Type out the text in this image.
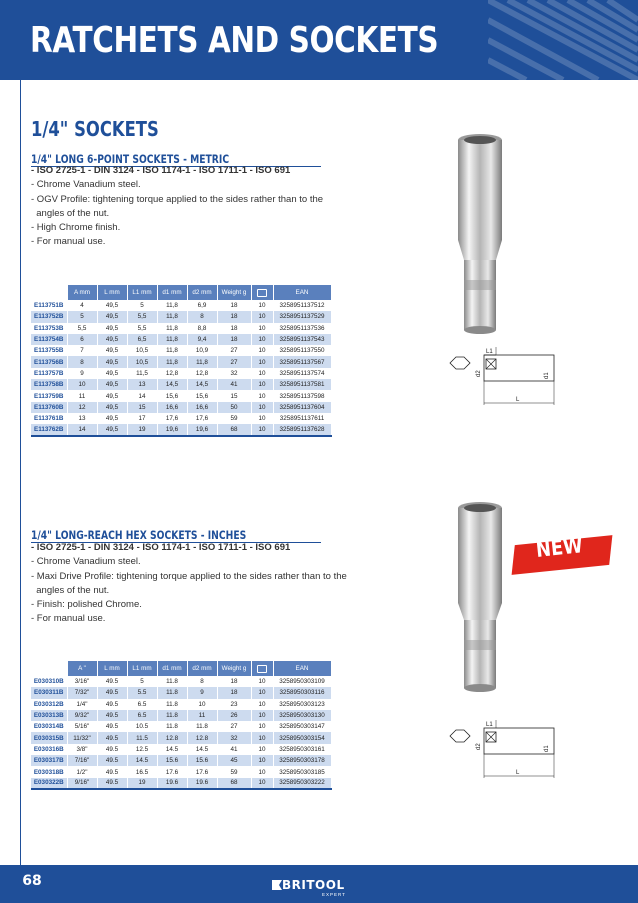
RATCHETS AND SOCKETS
1/4" SOCKETS
1/4" LONG 6-POINT SOCKETS - METRIC
- ISO 2725-1 - DIN 3124 - ISO 1174-1 - ISO 1711-1 - ISO 691
- Chrome Vanadium steel.
- OGV Profile: tightening torque applied to the sides rather than to the
angles of the nut.
- High Chrome finish.
- For manual use.
	A mm	L mm	L1 mm	d1 mm	d2 mm	Weight g		EAN
E113751B	4	49,5	5	11,8	6,9	18	10	3258951137512
E113752B	5	49,5	5,5	11,8	8	18	10	3258951137529
E113753B	5,5	49,5	5,5	11,8	8,8	18	10	3258951137536
E113754B	6	49,5	6,5	11,8	9,4	18	10	3258951137543
E113755B	7	49,5	10,5	11,8	10,9	27	10	3258951137550
E113756B	8	49,5	10,5	11,8	11,8	27	10	3258951137567
E113757B	9	49,5	11,5	12,8	12,8	32	10	3258951137574
E113758B	10	49,5	13	14,5	14,5	41	10	3258951137581
E113759B	11	49,5	14	15,6	15,6	15	10	3258951137598
E113760B	12	49,5	15	16,6	16,6	50	10	3258951137604
E113761B	13	49,5	17	17,6	17,6	59	10	3258951137611
E113762B	14	49,5	19	19,6	19,6	68	10	3258951137628
d2	d1
L1
L
1/4" LONG-REACH HEX SOCKETS - INCHES
- ISO 2725-1 - DIN 3124 - ISO 1174-1 - ISO 1711-1 - ISO 691
- Chrome Vanadium steel.
- Maxi Drive Profile: tightening torque applied to the sides rather than to the
angles of the nut.
- Finish: polished Chrome.
- For manual use.
	A "	L mm	L1 mm	d1 mm	d2 mm	Weight g		EAN
E030310B	3/16"	49.5	5	11.8	8	18	10	3258950303109
E030311B	7/32"	49.5	5.5	11.8	9	18	10	3258950303116
E030312B	1/4"	49.5	6.5	11.8	10	23	10	3258950303123
E030313B	9/32"	49.5	6.5	11.8	11	26	10	3258950303130
E030314B	5/16"	49.5	10.5	11.8	11.8	27	10	3258950303147
E030315B	11/32"	49.5	11.5	12.8	12.8	32	10	3258950303154
E030316B	3/8"	49.5	12.5	14.5	14.5	41	10	3258950303161
E030317B	7/16"	49.5	14.5	15.6	15.6	45	10	3258950303178
E030318B	1/2"	49.5	16.5	17.6	17.6	59	10	3258950303185
E030322B	9/16"	49.5	19	19.6	19.6	68	10	3258950303222
d2	d1
L1
L
NEW
68	BRITOOL
EXPERT
